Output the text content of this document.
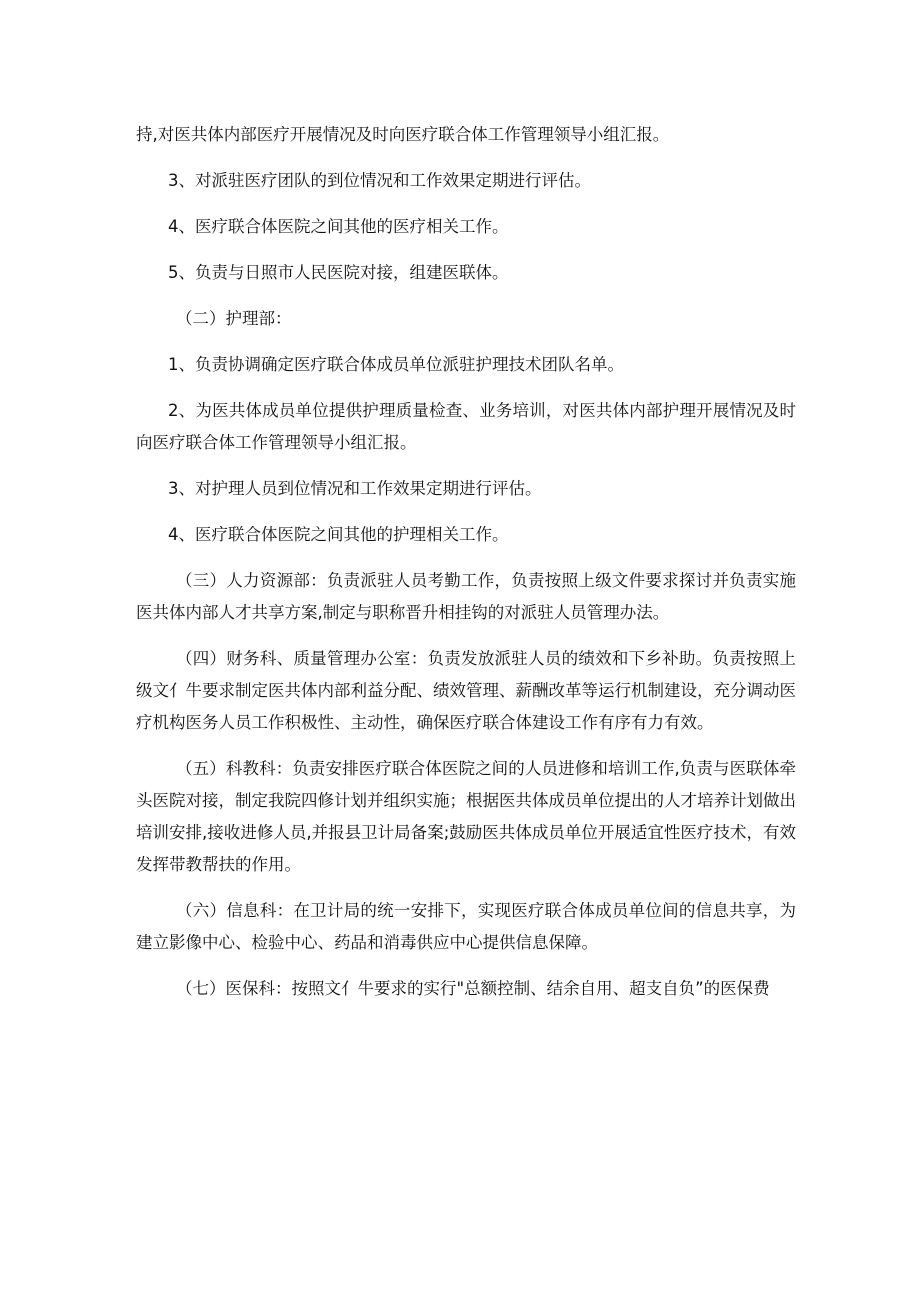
持,对医共体内部医疗开展情况及时向医疗联合体工作管理领导小组汇报。

3、对派驻医疗团队的到位情况和工作效果定期进行评估。

4、医疗联合体医院之间其他的医疗相关工作。

5、负责与日照市人民医院对接，组建医联体。

（二）护理部：

1、负责协调确定医疗联合体成员单位派驻护理技术团队名单。

2、为医共体成员单位提供护理质量检查、业务培训，对医共体内部护理开展情况及时向医疗联合体工作管理领导小组汇报。

3、对护理人员到位情况和工作效果定期进行评估。

4、医疗联合体医院之间其他的护理相关工作。

（三）人力资源部：负责派驻人员考勤工作，负责按照上级文件要求探讨并负责实施医共体内部人才共享方案,制定与职称晋升相挂钩的对派驻人员管理办法。

（四）财务科、质量管理办公室：负责发放派驻人员的绩效和下乡补助。负责按照上级文亻牛要求制定医共体内部利益分配、绩效管理、薪酬改革等运行机制建设，充分调动医疗机构医务人员工作积极性、主动性，确保医疗联合体建设工作有序有力有效。

（五）科教科：负责安排医疗联合体医院之间的人员进修和培训工作,负责与医联体牵头医院对接，制定我院四修计划并组织实施；根据医共体成员单位提出的人才培养计划做出培训安排,接收进修人员,并报县卫计局备案;鼓励医共体成员单位开展适宜性医疗技术，有效发挥带教帮扶的作用。

（六）信息科：在卫计局的统一安排下，实现医疗联合体成员单位间的信息共享，为建立影像中心、检验中心、药品和消毒供应中心提供信息保障。

（七）医保科：按照文亻牛要求的实行"总额控制、结余自用、超支自负”的医保费
